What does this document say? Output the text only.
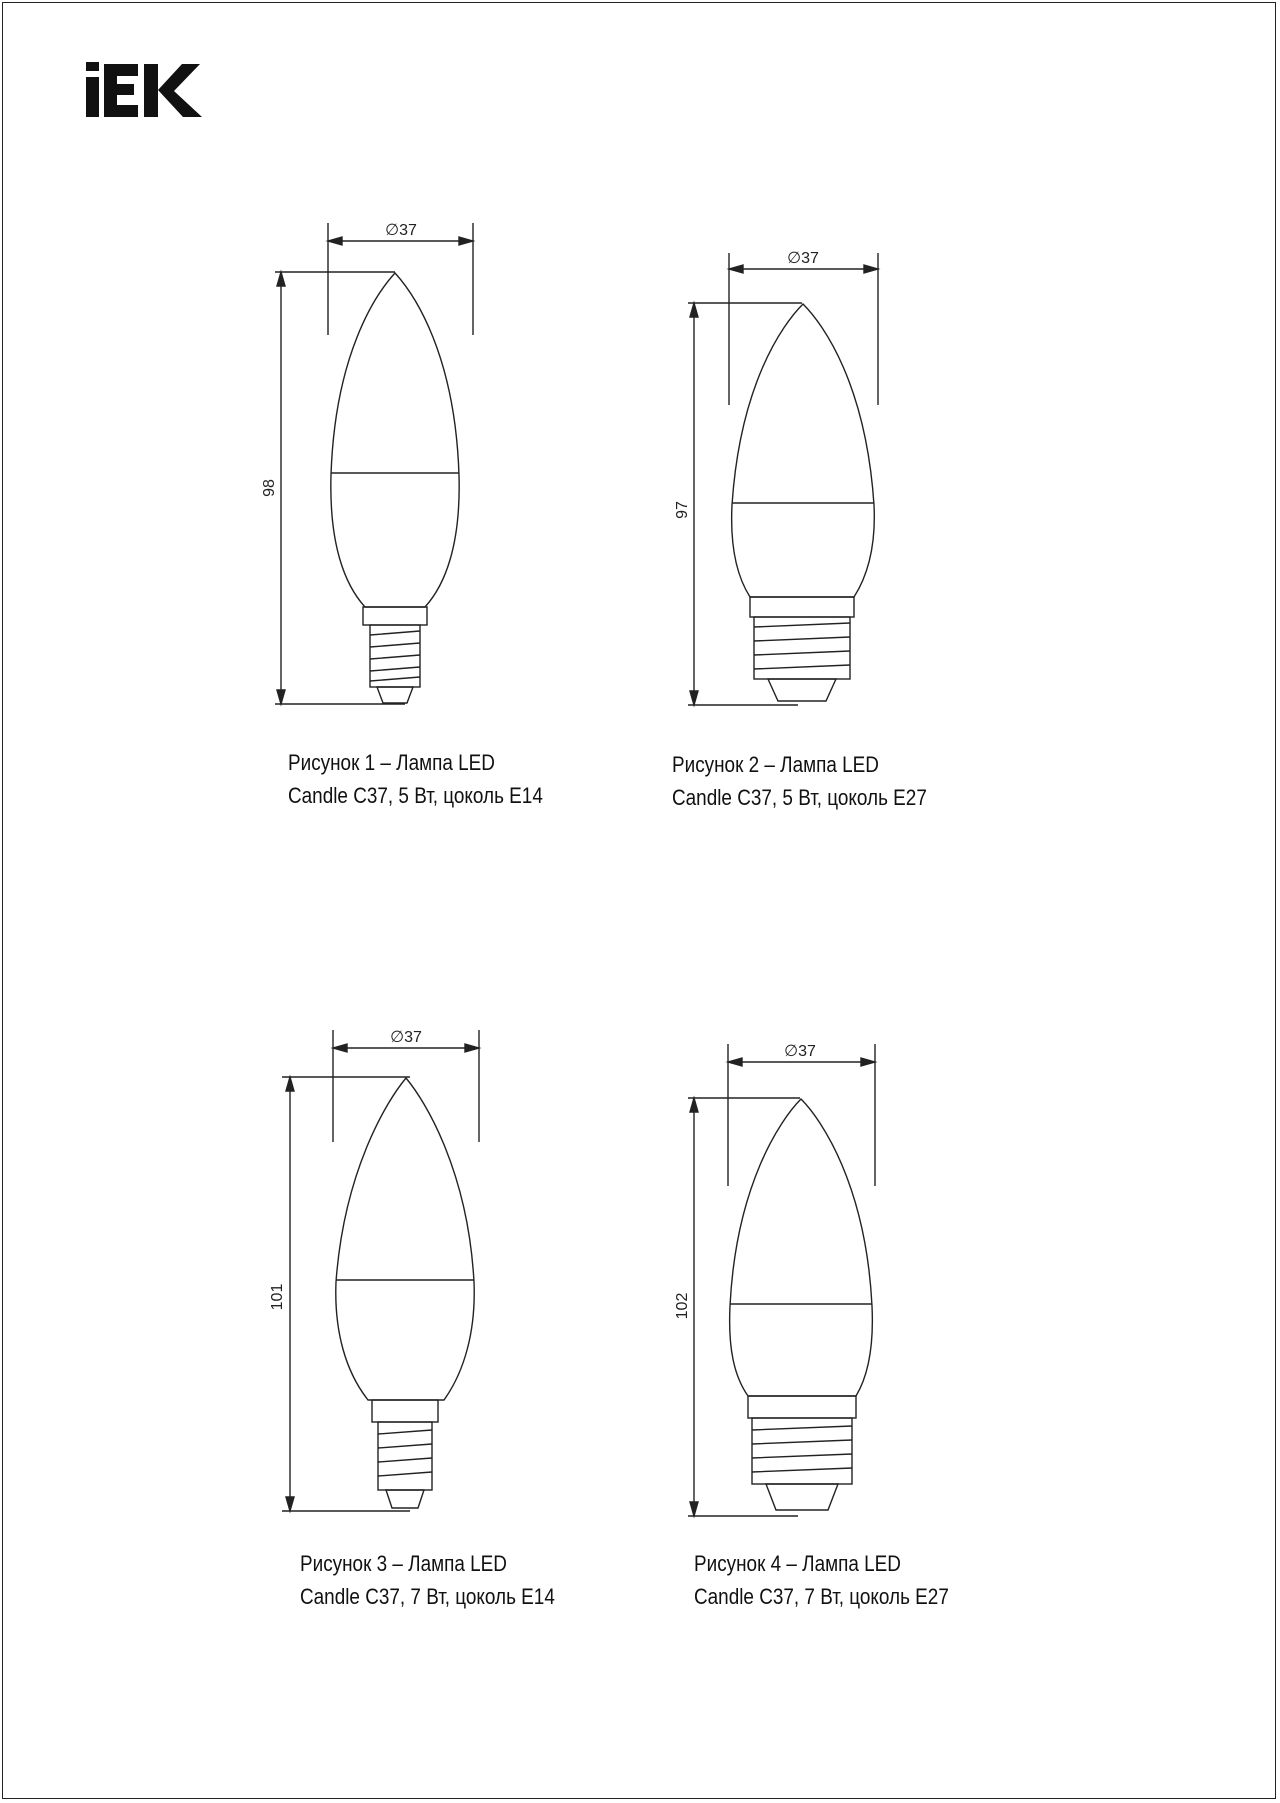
∅37
98
Рисунок 1 – Лампа LED
Candle C37, 5 Вт, цоколь E14
∅37
97
Рисунок 2 – Лампа LED
Candle C37, 5 Вт, цоколь E27
∅37
101
Рисунок 3 – Лампа LED
Candle C37, 7 Вт, цоколь E14
∅37
102
Рисунок 4 – Лампа LED
Candle C37, 7 Вт, цоколь E27
